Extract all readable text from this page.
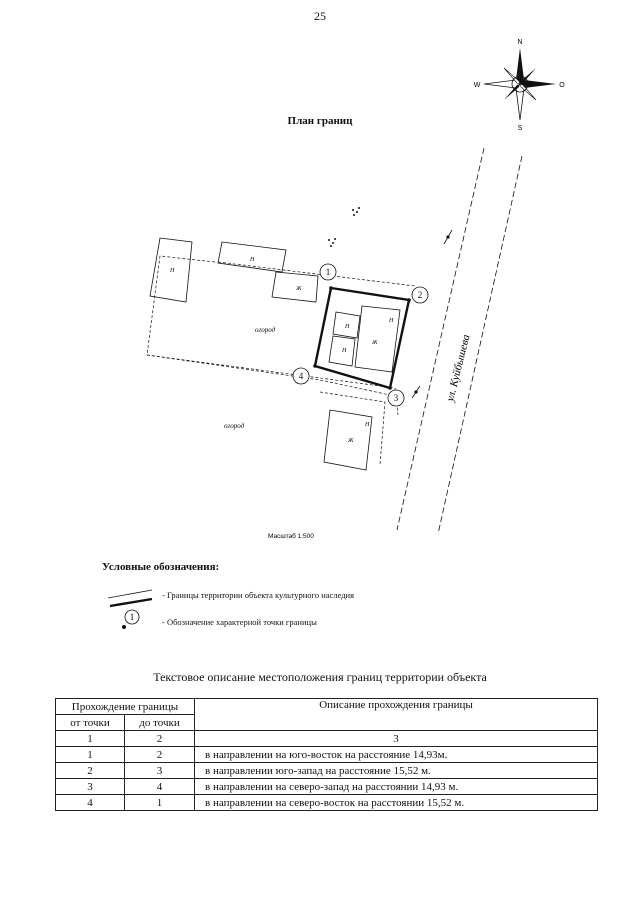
25
N
S
W	O
ул. Куйбышева
Н
Н
Ж
Н
Н
Ж
Н
Ж
Н
огород
огород
1
2
3
4
Масштаб 1:500
1
План границ
Условные обозначения:
- Границы территории объекта культурного наследия
- Обозначение характерной точки границы
Текстовое описание местоположения границ территории объекта
Прохождение границы		Описание прохождения границы
от точки	до точки	
1	2	3
1	2	в направлении на юго-восток на расстояние 14,93м.
2	3	в направлении юго-запад на расстояние 15,52 м.
3	4	в направлении на северо-запад на расстоянии 14,93 м.
4	1	в направлении на северо-восток на расстоянии 15,52 м.
